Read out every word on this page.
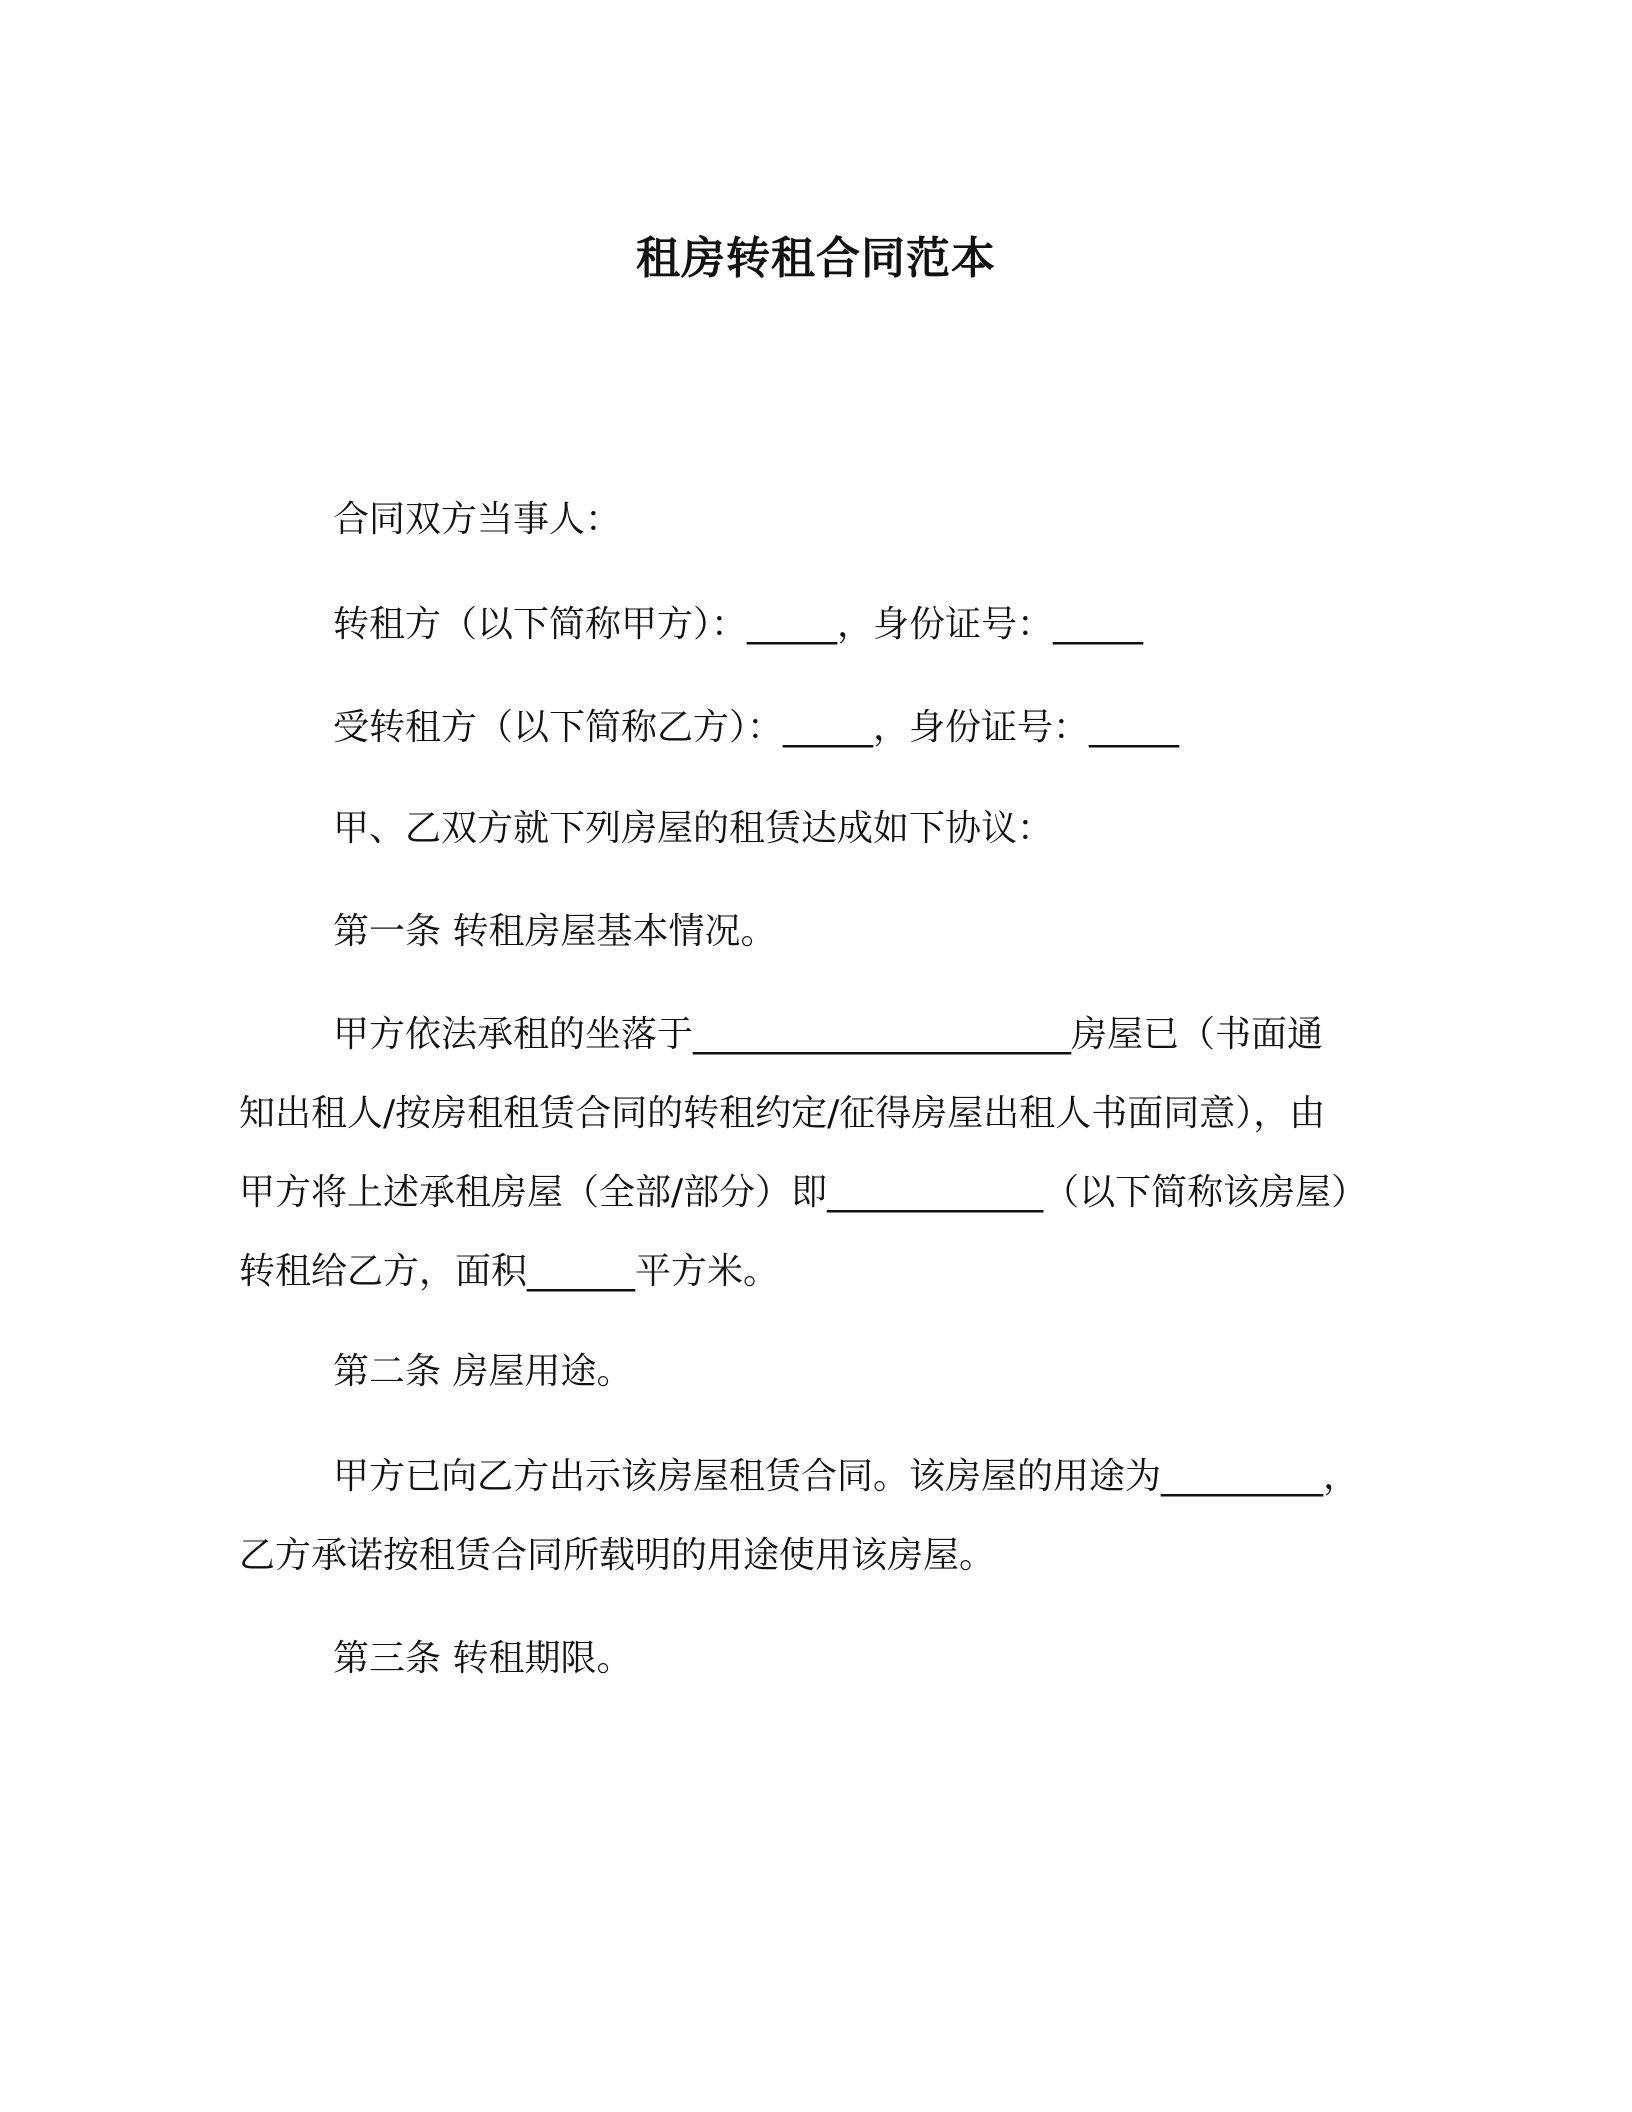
租房转租合同范本

合同双方当事人：

转租方（以下简称甲方）：_____，身份证号：_____

受转租方（以下简称乙方）：_____，身份证号：_____

甲、乙双方就下列房屋的租赁达成如下协议：

第一条 转租房屋基本情况。

甲方依法承租的坐落于_____________________房屋已（书面通
知出租人/按房租租赁合同的转租约定/征得房屋出租人书面同意），由
甲方将上述承租房屋（全部/部分）即____________（以下简称该房屋）
转租给乙方，面积______平方米。

第二条 房屋用途。

甲方已向乙方出示该房屋租赁合同。该房屋的用途为_________，
乙方承诺按租赁合同所载明的用途使用该房屋。

第三条 转租期限。
